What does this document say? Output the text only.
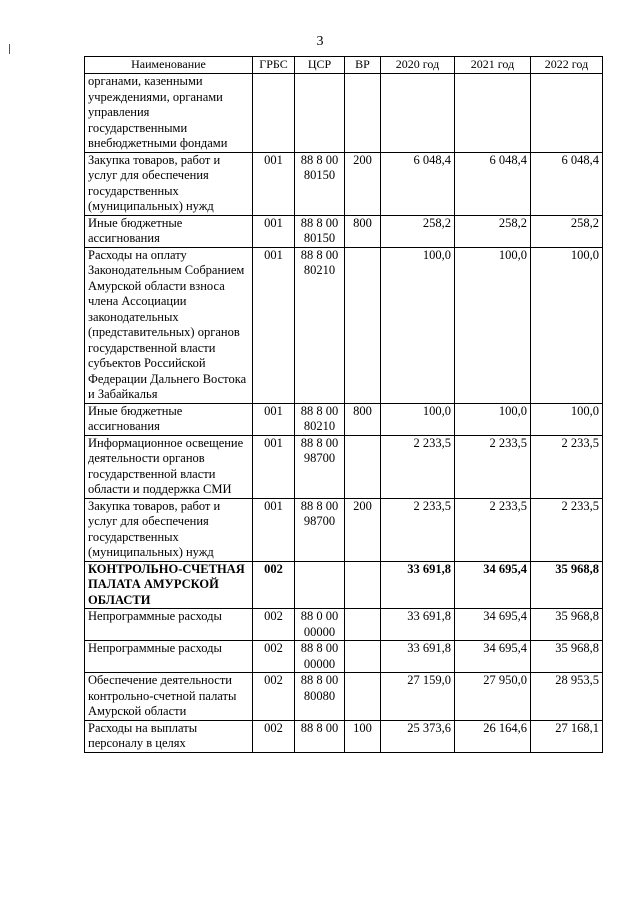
3
Наименование	ГРБС	ЦСР	ВР	2020 год	2021 год	2022 год
органами, казенными учреждениями, органами управления государственными внебюджетными фондами						
Закупка товаров, работ и услуг для обеспечения государственных (муниципальных) нужд	001	88 8 00 80150	200	6 048,4	6 048,4	6 048,4
Иные бюджетные ассигнования	001	88 8 00 80150	800	258,2	258,2	258,2
Расходы на оплату Законодательным Собранием Амурской области взноса члена Ассоциации законодательных (представительных) органов государственной власти субъектов Российской Федерации Дальнего Востока и Забайкалья	001	88 8 00 80210		100,0	100,0	100,0
Иные бюджетные ассигнования	001	88 8 00 80210	800	100,0	100,0	100,0
Информационное освещение деятельности органов государственной власти области и поддержка СМИ	001	88 8 00 98700		2 233,5	2 233,5	2 233,5
Закупка товаров, работ и услуг для обеспечения государственных (муниципальных) нужд	001	88 8 00 98700	200	2 233,5	2 233,5	2 233,5
КОНТРОЛЬНО-СЧЕТНАЯ ПАЛАТА АМУРСКОЙ ОБЛАСТИ	002			33 691,8	34 695,4	35 968,8
Непрограммные расходы	002	88 0 00 00000		33 691,8	34 695,4	35 968,8
Непрограммные расходы	002	88 8 00 00000		33 691,8	34 695,4	35 968,8
Обеспечение деятельности контрольно-счетной палаты Амурской области	002	88 8 00 80080		27 159,0	27 950,0	28 953,5
Расходы на выплаты персоналу в целях	002	88 8 00	100	25 373,6	26 164,6	27 168,1
